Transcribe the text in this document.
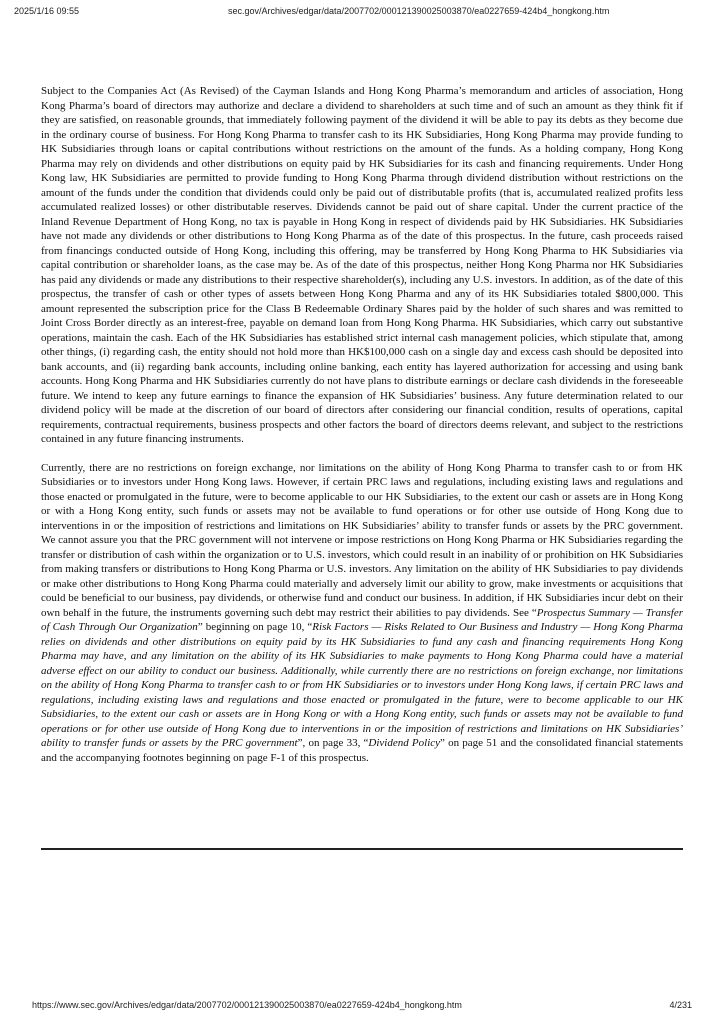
2025/1/16 09:55	sec.gov/Archives/edgar/data/2007702/000121390025003870/ea0227659-424b4_hongkong.htm

Subject to the Companies Act (As Revised) of the Cayman Islands and Hong Kong Pharma’s memorandum and articles of association, Hong Kong Pharma’s board of directors may authorize and declare a dividend to shareholders at such time and of such an amount as they think fit if they are satisfied, on reasonable grounds, that immediately following payment of the dividend it will be able to pay its debts as they become due in the ordinary course of business. For Hong Kong Pharma to transfer cash to its HK Subsidiaries, Hong Kong Pharma may provide funding to HK Subsidiaries through loans or capital contributions without restrictions on the amount of the funds. As a holding company, Hong Kong Pharma may rely on dividends and other distributions on equity paid by HK Subsidiaries for its cash and financing requirements. Under Hong Kong law, HK Subsidiaries are permitted to provide funding to Hong Kong Pharma through dividend distribution without restrictions on the amount of the funds under the condition that dividends could only be paid out of distributable profits (that is, accumulated realized profits less accumulated realized losses) or other distributable reserves. Dividends cannot be paid out of share capital. Under the current practice of the Inland Revenue Department of Hong Kong, no tax is payable in Hong Kong in respect of dividends paid by HK Subsidiaries. HK Subsidiaries have not made any dividends or other distributions to Hong Kong Pharma as of the date of this prospectus. In the future, cash proceeds raised from financings conducted outside of Hong Kong, including this offering, may be transferred by Hong Kong Pharma to HK Subsidiaries via capital contribution or shareholder loans, as the case may be. As of the date of this prospectus, neither Hong Kong Pharma nor HK Subsidiaries has paid any dividends or made any distributions to their respective shareholder(s), including any U.S. investors. In addition, as of the date of this prospectus, the transfer of cash or other types of assets between Hong Kong Pharma and any of its HK Subsidiaries totaled $800,000. This amount represented the subscription price for the Class B Redeemable Ordinary Shares paid by the holder of such shares and was remitted to Joint Cross Border directly as an interest-free, payable on demand loan from Hong Kong Pharma. HK Subsidiaries, which carry out substantive operations, maintain the cash. Each of the HK Subsidiaries has established strict internal cash management policies, which stipulate that, among other things, (i) regarding cash, the entity should not hold more than HK$100,000 cash on a single day and excess cash should be deposited into bank accounts, and (ii) regarding bank accounts, including online banking, each entity has layered authorization for accessing and using bank accounts. Hong Kong Pharma and HK Subsidiaries currently do not have plans to distribute earnings or declare cash dividends in the foreseeable future. We intend to keep any future earnings to finance the expansion of HK Subsidiaries’ business. Any future determination related to our dividend policy will be made at the discretion of our board of directors after considering our financial condition, results of operations, capital requirements, contractual requirements, business prospects and other factors the board of directors deems relevant, and subject to the restrictions contained in any future financing instruments.

Currently, there are no restrictions on foreign exchange, nor limitations on the ability of Hong Kong Pharma to transfer cash to or from HK Subsidiaries or to investors under Hong Kong laws. However, if certain PRC laws and regulations, including existing laws and regulations and those enacted or promulgated in the future, were to become applicable to our HK Subsidiaries, to the extent our cash or assets are in Hong Kong or with a Hong Kong entity, such funds or assets may not be available to fund operations or for other use outside of Hong Kong due to interventions in or the imposition of restrictions and limitations on HK Subsidiaries’ ability to transfer funds or assets by the PRC government. We cannot assure you that the PRC government will not intervene or impose restrictions on Hong Kong Pharma or HK Subsidiaries regarding the transfer or distribution of cash within the organization or to U.S. investors, which could result in an inability of or prohibition on HK Subsidiaries from making transfers or distributions to Hong Kong Pharma or U.S. investors. Any limitation on the ability of HK Subsidiaries to pay dividends or make other distributions to Hong Kong Pharma could materially and adversely limit our ability to grow, make investments or acquisitions that could be beneficial to our business, pay dividends, or otherwise fund and conduct our business. In addition, if HK Subsidiaries incur debt on their own behalf in the future, the instruments governing such debt may restrict their abilities to pay dividends. See “Prospectus Summary — Transfer of Cash Through Our Organization” beginning on page 10, “Risk Factors — Risks Related to Our Business and Industry — Hong Kong Pharma relies on dividends and other distributions on equity paid by its HK Subsidiaries to fund any cash and financing requirements Hong Kong Pharma may have, and any limitation on the ability of its HK Subsidiaries to make payments to Hong Kong Pharma could have a material adverse effect on our ability to conduct our business. Additionally, while currently there are no restrictions on foreign exchange, nor limitations on the ability of Hong Kong Pharma to transfer cash to or from HK Subsidiaries or to investors under Hong Kong laws, if certain PRC laws and regulations, including existing laws and regulations and those enacted or promulgated in the future, were to become applicable to our HK Subsidiaries, to the extent our cash or assets are in Hong Kong or with a Hong Kong entity, such funds or assets may not be available to fund operations or for other use outside of Hong Kong due to interventions in or the imposition of restrictions and limitations on HK Subsidiaries’ ability to transfer funds or assets by the PRC government”, on page 33, “Dividend Policy” on page 51 and the consolidated financial statements and the accompanying footnotes beginning on page F-1 of this prospectus.

https://www.sec.gov/Archives/edgar/data/2007702/000121390025003870/ea0227659-424b4_hongkong.htm	4/231
